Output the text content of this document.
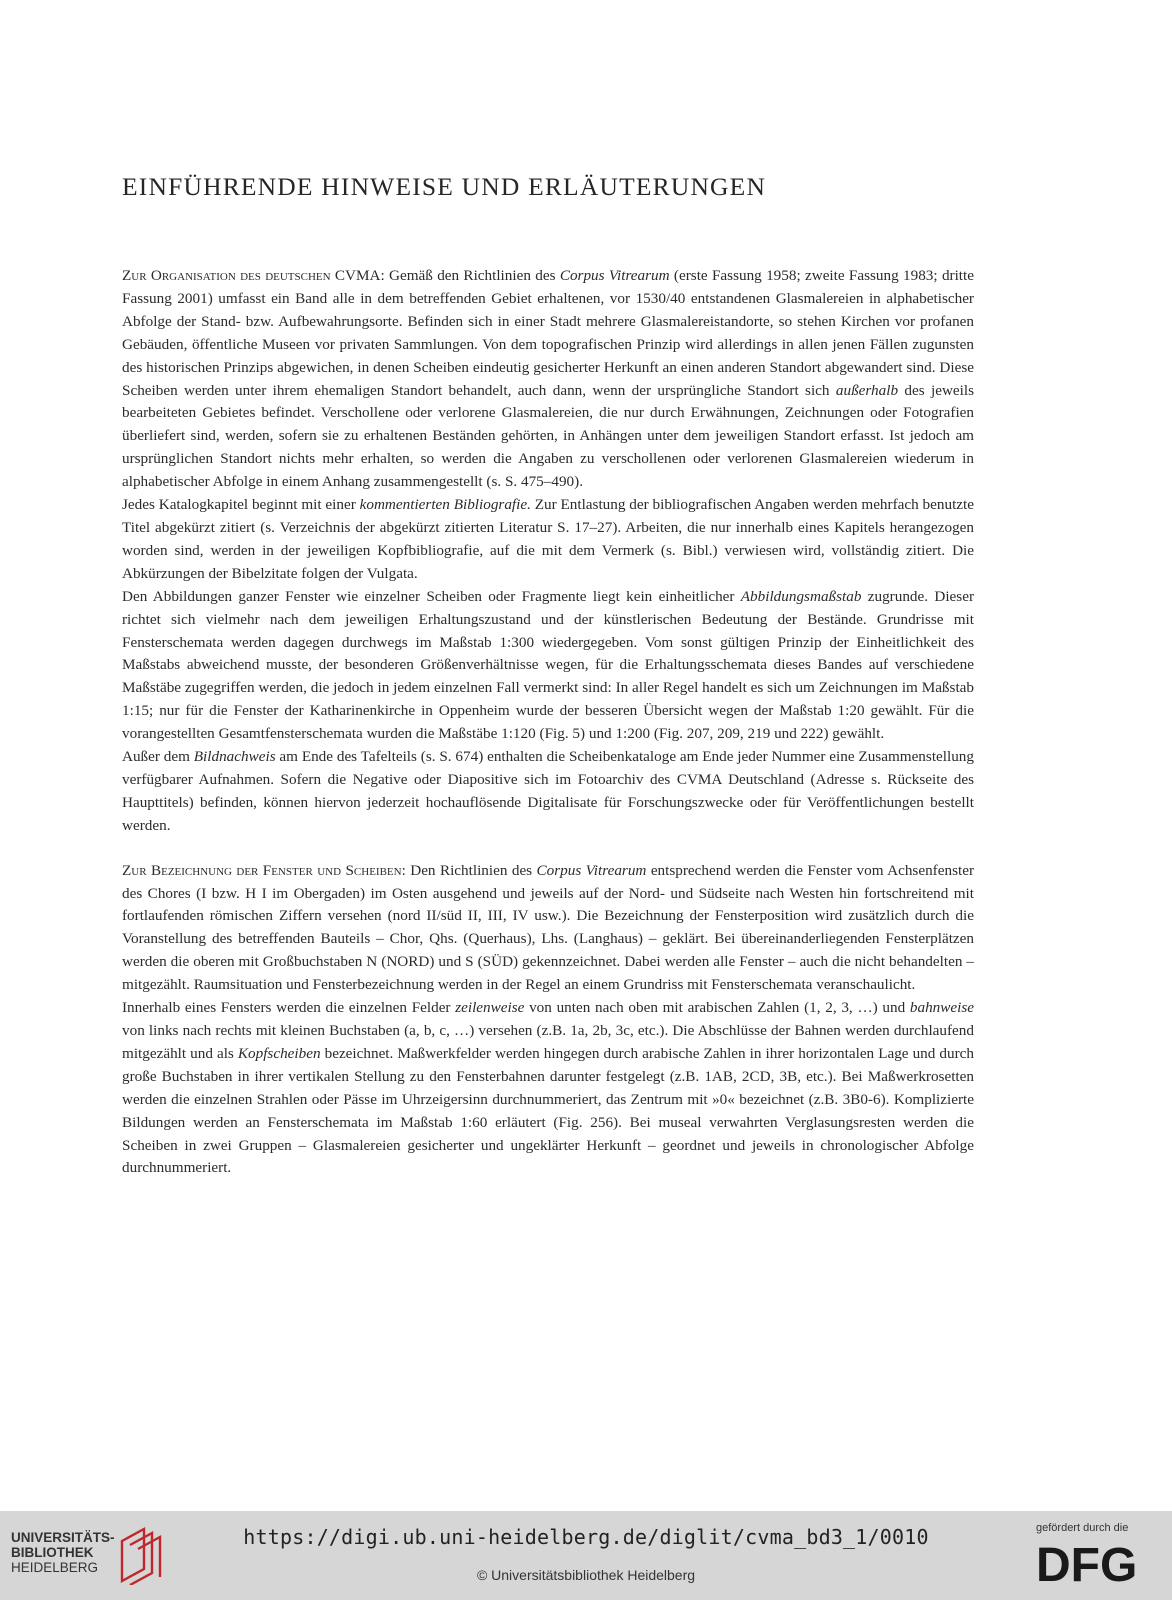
EINFÜHRENDE HINWEISE UND ERLÄUTERUNGEN

Zur Organisation des deutschen CVMA: Gemäß den Richtlinien des Corpus Vitrearum (erste Fassung 1958; zweite Fassung 1983; dritte Fassung 2001) umfasst ein Band alle in dem betreffenden Gebiet erhaltenen, vor 1530/40 entstandenen Glasmalereien in alphabetischer Abfolge der Stand- bzw. Aufbewahrungsorte. Befinden sich in einer Stadt mehrere Glasmalereistandorte, so stehen Kirchen vor profanen Gebäuden, öffentliche Museen vor privaten Sammlungen. Von dem topografischen Prinzip wird allerdings in allen jenen Fällen zugunsten des historischen Prinzips abgewichen, in denen Scheiben eindeutig gesicherter Herkunft an einen anderen Standort abgewandert sind. Diese Scheiben werden unter ihrem ehemaligen Standort behandelt, auch dann, wenn der ursprüngliche Standort sich außerhalb des jeweils bearbeiteten Gebietes befindet. Verschollene oder verlorene Glasmalereien, die nur durch Erwähnungen, Zeichnungen oder Fotografien überliefert sind, werden, sofern sie zu erhaltenen Beständen gehörten, in Anhängen unter dem jeweiligen Standort erfasst. Ist jedoch am ursprünglichen Standort nichts mehr erhalten, so werden die Angaben zu verschollenen oder verlorenen Glasmalereien wiederum in alphabetischer Abfolge in einem Anhang zusammengestellt (s. S. 475–490).

Jedes Katalogkapitel beginnt mit einer kommentierten Bibliografie. Zur Entlastung der bibliografischen Angaben werden mehrfach benutzte Titel abgekürzt zitiert (s. Verzeichnis der abgekürzt zitierten Literatur S. 17–27). Arbeiten, die nur innerhalb eines Kapitels herangezogen worden sind, werden in der jeweiligen Kopfbibliografie, auf die mit dem Vermerk (s. Bibl.) verwiesen wird, vollständig zitiert. Die Abkürzungen der Bibelzitate folgen der Vulgata.

Den Abbildungen ganzer Fenster wie einzelner Scheiben oder Fragmente liegt kein einheitlicher Abbildungsmaßstab zugrunde. Dieser richtet sich vielmehr nach dem jeweiligen Erhaltungszustand und der künstlerischen Bedeutung der Bestände. Grundrisse mit Fensterschemata werden dagegen durchwegs im Maßstab 1:300 wiedergegeben. Vom sonst gültigen Prinzip der Einheitlichkeit des Maßstabs abweichend musste, der besonderen Größenverhältnisse wegen, für die Erhaltungsschemata dieses Bandes auf verschiedene Maßstäbe zugegriffen werden, die jedoch in jedem einzelnen Fall vermerkt sind: In aller Regel handelt es sich um Zeichnungen im Maßstab 1:15; nur für die Fenster der Katharinenkirche in Oppenheim wurde der besseren Übersicht wegen der Maßstab 1:20 gewählt. Für die vorangestellten Gesamtfensterschemata wurden die Maßstäbe 1:120 (Fig. 5) und 1:200 (Fig. 207, 209, 219 und 222) gewählt.

Außer dem Bildnachweis am Ende des Tafelteils (s. S. 674) enthalten die Scheibenkataloge am Ende jeder Nummer eine Zusammenstellung verfügbarer Aufnahmen. Sofern die Negative oder Diapositive sich im Fotoarchiv des CVMA Deutschland (Adresse s. Rückseite des Haupttitels) befinden, können hiervon jederzeit hochauflösende Digitalisate für Forschungszwecke oder für Veröffentlichungen bestellt werden.

Zur Bezeichnung der Fenster und Scheiben: Den Richtlinien des Corpus Vitrearum entsprechend werden die Fenster vom Achsenfenster des Chores (I bzw. H I im Obergaden) im Osten ausgehend und jeweils auf der Nord- und Südseite nach Westen hin fortschreitend mit fortlaufenden römischen Ziffern versehen (nord II/süd II, III, IV usw.). Die Bezeichnung der Fensterposition wird zusätzlich durch die Voranstellung des betreffenden Bauteils – Chor, Qhs. (Querhaus), Lhs. (Langhaus) – geklärt. Bei übereinanderliegenden Fensterplätzen werden die oberen mit Großbuchstaben N (NORD) und S (SÜD) gekennzeichnet. Dabei werden alle Fenster – auch die nicht behandelten – mitgezählt. Raumsituation und Fensterbezeichnung werden in der Regel an einem Grundriss mit Fensterschemata veranschaulicht.

Innerhalb eines Fensters werden die einzelnen Felder zeilenweise von unten nach oben mit arabischen Zahlen (1, 2, 3, …) und bahnweise von links nach rechts mit kleinen Buchstaben (a, b, c, …) versehen (z.B. 1a, 2b, 3c, etc.). Die Abschlüsse der Bahnen werden durchlaufend mitgezählt und als Kopfscheiben bezeichnet. Maßwerkfelder werden hingegen durch arabische Zahlen in ihrer horizontalen Lage und durch große Buchstaben in ihrer vertikalen Stellung zu den Fensterbahnen darunter festgelegt (z.B. 1AB, 2CD, 3B, etc.). Bei Maßwerkrosetten werden die einzelnen Strahlen oder Pässe im Uhrzeigersinn durchnummeriert, das Zentrum mit »0« bezeichnet (z.B. 3B0-6). Komplizierte Bildungen werden an Fensterschemata im Maßstab 1:60 erläutert (Fig. 256). Bei museal verwahrten Verglasungsresten werden die Scheiben in zwei Gruppen – Glasmalereien gesicherter und ungeklärter Herkunft – geordnet und jeweils in chronologischer Abfolge durchnummeriert.

UNIVERSITÄTS-
BIBLIOTHEK
HEIDELBERG
https://digi.ub.uni-heidelberg.de/diglit/cvma_bd3_1/0010
© Universitätsbibliothek Heidelberg
gefördert durch die
DFG
